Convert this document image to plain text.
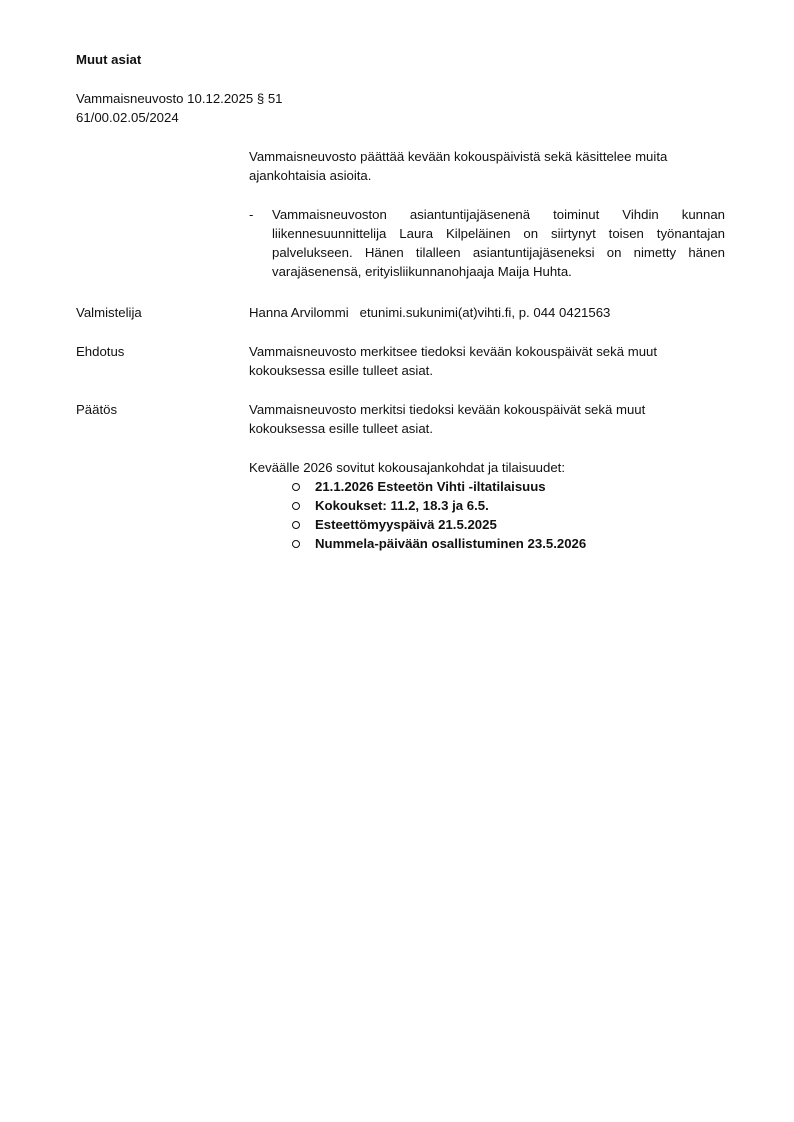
Muut asiat
Vammaisneuvosto 10.12.2025 § 51
61/00.02.05/2024

Vammaisneuvosto päättää kevään kokouspäivistä sekä käsittelee muita ajankohtaisia asioita.

- Vammaisneuvoston asiantuntijajäsenenä toiminut Vihdin kunnan liikennesuunnittelija Laura Kilpeläinen on siirtynyt toisen työnantajan palvelukseen. Hänen tilalleen asiantuntijajäseneksi on nimetty hänen varajäsenensä, erityisliikunnanohjaaja Maija Huhta.
Valmistelija	Hanna Arvilommi   etunimi.sukunimi(at)vihti.fi, p. 044 0421563
Ehdotus	Vammaisneuvosto merkitsee tiedoksi kevään kokouspäivät sekä muut kokouksessa esille tulleet asiat.
Päätös	Vammaisneuvosto merkitsi tiedoksi kevään kokouspäivät sekä muut kokouksessa esille tulleet asiat.

Keväälle 2026 sovitut kokousajankohdat ja tilaisuudet:

21.1.2026 Esteetön Vihti -iltatilaisuus
Kokoukset: 11.2, 18.3 ja 6.5.
Esteettömyyspäivä 21.5.2025
Nummela-päivään osallistuminen 23.5.2026
